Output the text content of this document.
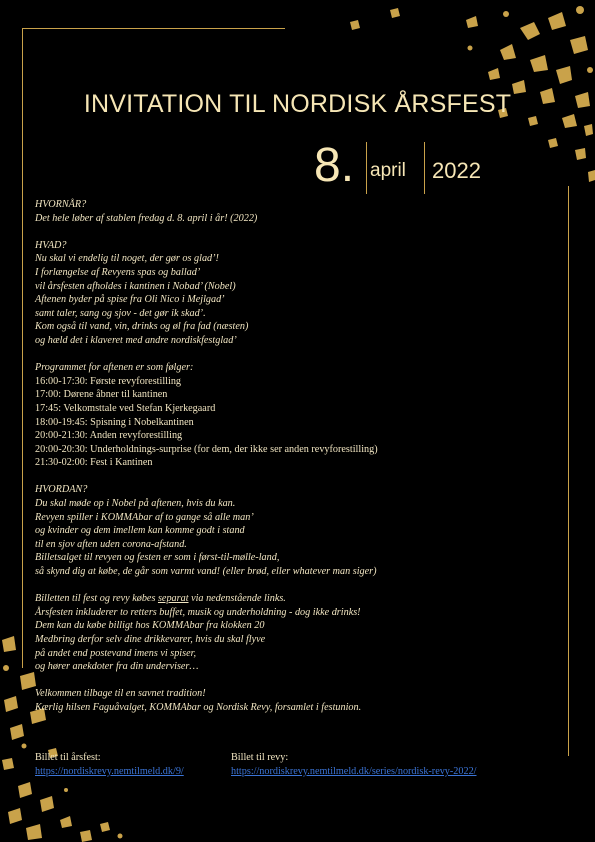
INVITATION TIL NORDISK ÅRSFEST
8. april 2022
HVORNÅR?
Det hele løber af stablen fredag d. 8. april i år! (2022)
HVAD?
Nu skal vi endelig til noget, der gør os glad’!
I forlængelse af Revyens spas og ballad’
vil årsfesten afholdes i kantinen i Nobad’ (Nobel)
Aftenen byder på spise fra Oli Nico i Mejlgad’
samt taler, sang og sjov - det gør ik skad’.
Kom også til vand, vin, drinks og øl fra fad (næsten)
og hæld det i klaveret med andre nordiskfestglad’
Programmet for aftenen er som følger:
16:00-17:30: Første revyforestilling
17:00: Dørene åbner til kantinen
17:45: Velkomsttale ved Stefan Kjerkegaard
18:00-19:45: Spisning i Nobelkantinen
20:00-21:30: Anden revyforestilling
20:00-20:30: Underholdnings-surprise (for dem, der ikke ser anden revyforestilling)
21:30-02:00: Fest i Kantinen
HVORDAN?
Du skal møde op i Nobel på aftenen, hvis du kan.
Revyen spiller i KOMMAbar af to gange så alle man’
og kvinder og dem imellem kan komme godt i stand
til en sjov aften uden corona-afstand.
Billetsalget til revyen og festen er som i først-til-mølle-land,
så skynd dig at købe, de går som varmt vand! (eller brød, eller whatever man siger)
Billetten til fest og revy købes separat via nedenstående links.
Årsfesten inkluderer to retters buffet, musik og underholdning - dog ikke drinks!
Dem kan du købe billigt hos KOMMAbar fra klokken 20
Medbring derfor selv dine drikkevarer, hvis du skal flyve
på andet end postevand imens vi spiser,
og hører anekdoter fra din underviser…
Velkommen tilbage til en savnet tradition!
Kærlig hilsen Faguåvalget, KOMMAbar og Nordisk Revy, forsamlet i festunion.
Billet til årsfest:
https://nordiskrevy.nemtilmeld.dk/9/
Billet til revy:
https://nordiskrevy.nemtilmeld.dk/series/nordisk-revy-2022/
